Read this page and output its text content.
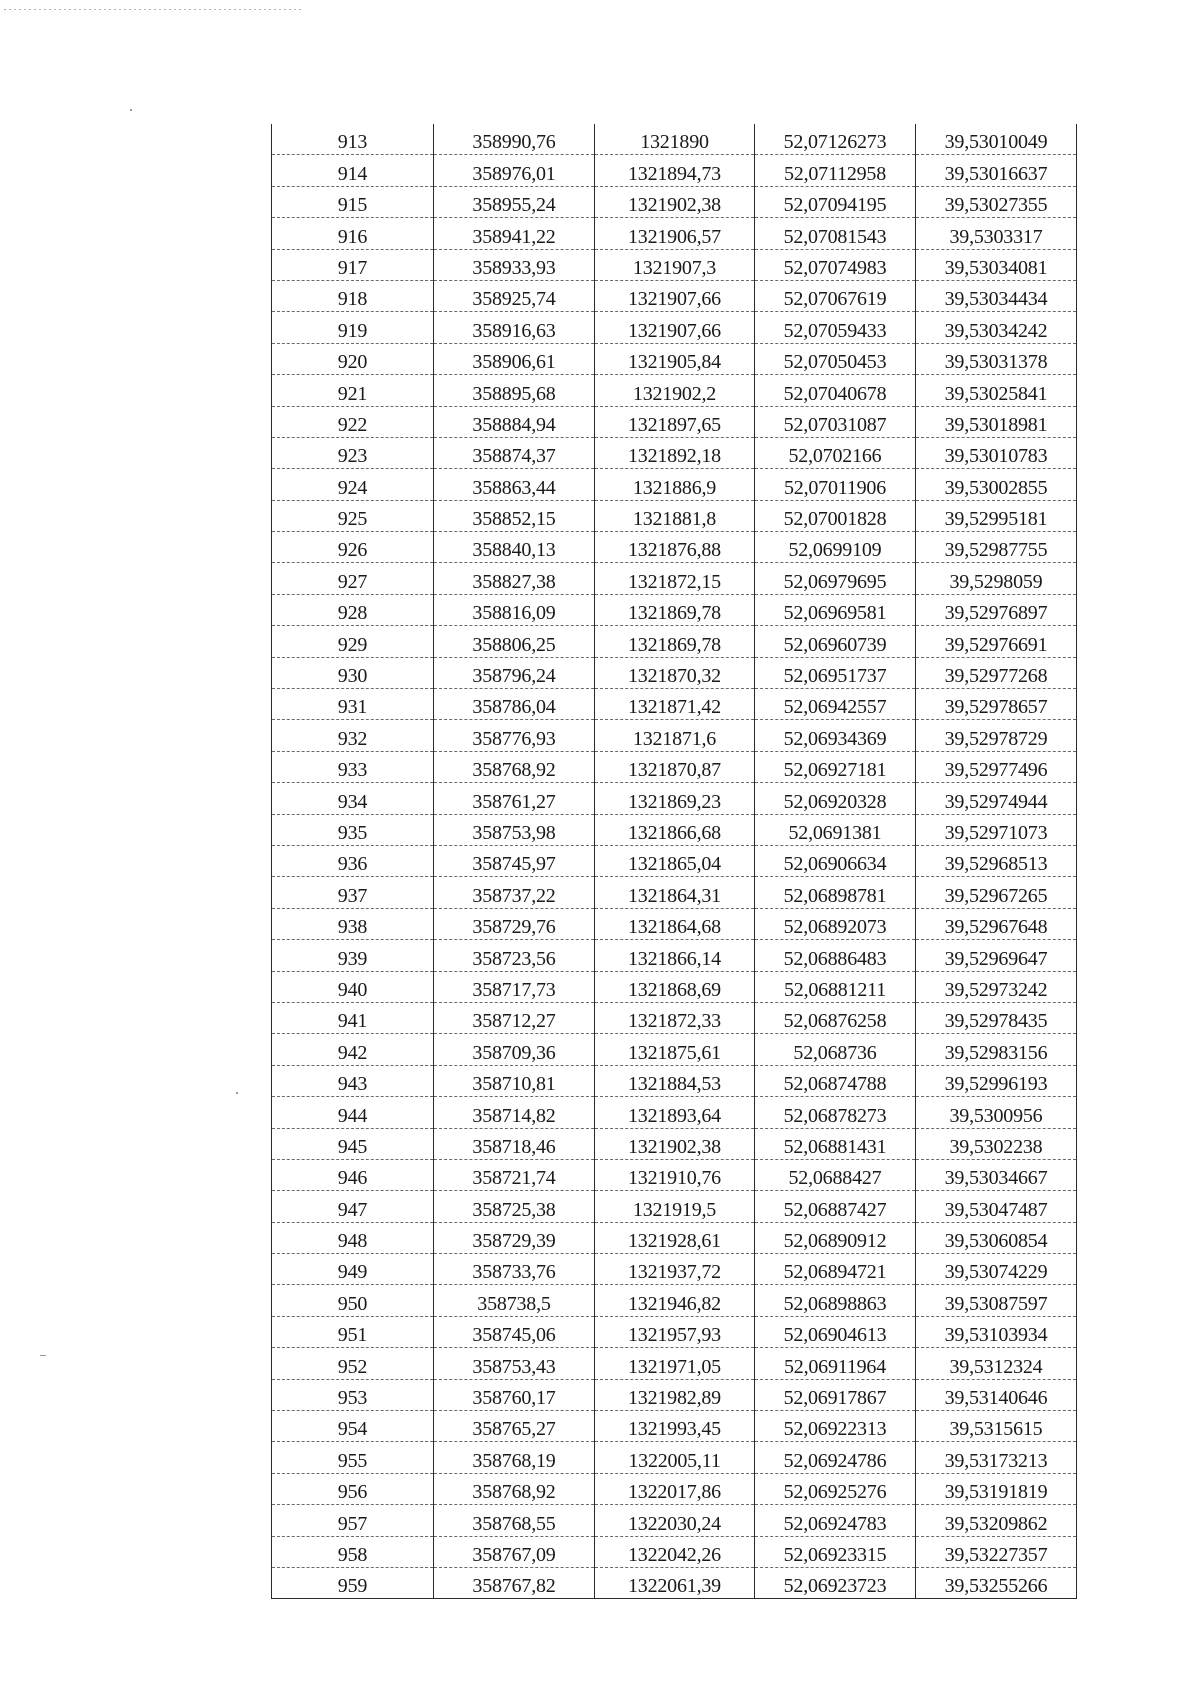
913	358990,76	1321890	52,07126273	39,53010049
914	358976,01	1321894,73	52,07112958	39,53016637
915	358955,24	1321902,38	52,07094195	39,53027355
916	358941,22	1321906,57	52,07081543	39,5303317
917	358933,93	1321907,3	52,07074983	39,53034081
918	358925,74	1321907,66	52,07067619	39,53034434
919	358916,63	1321907,66	52,07059433	39,53034242
920	358906,61	1321905,84	52,07050453	39,53031378
921	358895,68	1321902,2	52,07040678	39,53025841
922	358884,94	1321897,65	52,07031087	39,53018981
923	358874,37	1321892,18	52,0702166	39,53010783
924	358863,44	1321886,9	52,07011906	39,53002855
925	358852,15	1321881,8	52,07001828	39,52995181
926	358840,13	1321876,88	52,0699109	39,52987755
927	358827,38	1321872,15	52,06979695	39,5298059
928	358816,09	1321869,78	52,06969581	39,52976897
929	358806,25	1321869,78	52,06960739	39,52976691
930	358796,24	1321870,32	52,06951737	39,52977268
931	358786,04	1321871,42	52,06942557	39,52978657
932	358776,93	1321871,6	52,06934369	39,52978729
933	358768,92	1321870,87	52,06927181	39,52977496
934	358761,27	1321869,23	52,06920328	39,52974944
935	358753,98	1321866,68	52,0691381	39,52971073
936	358745,97	1321865,04	52,06906634	39,52968513
937	358737,22	1321864,31	52,06898781	39,52967265
938	358729,76	1321864,68	52,06892073	39,52967648
939	358723,56	1321866,14	52,06886483	39,52969647
940	358717,73	1321868,69	52,06881211	39,52973242
941	358712,27	1321872,33	52,06876258	39,52978435
942	358709,36	1321875,61	52,068736	39,52983156
943	358710,81	1321884,53	52,06874788	39,52996193
944	358714,82	1321893,64	52,06878273	39,5300956
945	358718,46	1321902,38	52,06881431	39,5302238
946	358721,74	1321910,76	52,0688427	39,53034667
947	358725,38	1321919,5	52,06887427	39,53047487
948	358729,39	1321928,61	52,06890912	39,53060854
949	358733,76	1321937,72	52,06894721	39,53074229
950	358738,5	1321946,82	52,06898863	39,53087597
951	358745,06	1321957,93	52,06904613	39,53103934
952	358753,43	1321971,05	52,06911964	39,5312324
953	358760,17	1321982,89	52,06917867	39,53140646
954	358765,27	1321993,45	52,06922313	39,5315615
955	358768,19	1322005,11	52,06924786	39,53173213
956	358768,92	1322017,86	52,06925276	39,53191819
957	358768,55	1322030,24	52,06924783	39,53209862
958	358767,09	1322042,26	52,06923315	39,53227357
959	358767,82	1322061,39	52,06923723	39,53255266
